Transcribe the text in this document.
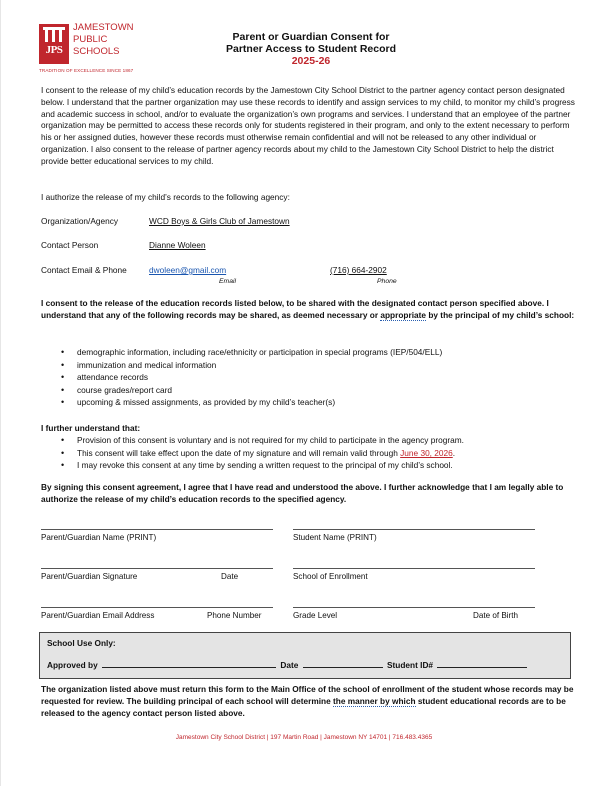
JPS
JAMESTOWN
PUBLIC
SCHOOLS
TRADITION OF EXCELLENCE SINCE 1867
Parent or Guardian Consent for
Partner Access to Student Record
2025-26
I consent to the release of my child’s education records by the Jamestown City School District to the partner agency contact person designated below. I understand that the partner organization may use these records to identify and assign services to my child, to monitor my child’s progress and academic success in school, and/or to evaluate the organization’s own programs and services. I understand that an employee of the partner organization may be permitted to access these records only for students registered in their program, and only to the extent necessary to perform his or her assigned duties, however these records must otherwise remain confidential and will not be released to any other individual or organization. I also consent to the release of partner agency records about my child to the Jamestown City School District to help the district provide better educational services to my child.
I authorize the release of my child’s records to the following agency:
Organization/Agency	WCD Boys & Girls Club of Jamestown
Contact Person	Dianne Woleen
Contact Email & Phone	dwoleen@gmail.com	(716) 664-2902
Email	Phone
I consent to the release of the education records listed below, to be shared with the designated contact person specified above. I understand that any of the following records may be shared, as deemed necessary or appropriate by the principal of my child’s school:
• demographic information, including race/ethnicity or participation in special programs (IEP/504/ELL)
• immunization and medical information
• attendance records
• course grades/report card
• upcoming & missed assignments, as provided by my child’s teacher(s)
I further understand that:
• Provision of this consent is voluntary and is not required for my child to participate in the agency program.
• This consent will take effect upon the date of my signature and will remain valid through June 30, 2026.
• I may revoke this consent at any time by sending a written request to the principal of my child’s school.
By signing this consent agreement, I agree that I have read and understood the above. I further acknowledge that I am legally able to authorize the release of my child’s education records to the specified agency.
Parent/Guardian Name (PRINT)	Student Name (PRINT)
Parent/Guardian Signature	Date	School of Enrollment
Parent/Guardian Email Address	Phone Number	Grade Level	Date of Birth
School Use Only:
Approved by	Date	Student ID#
The organization listed above must return this form to the Main Office of the school of enrollment of the student whose records may be requested for review. The building principal of each school will determine the manner by which student educational records are to be released to the agency contact person listed above.
Jamestown City School District | 197 Martin Road | Jamestown NY 14701 | 716.483.4365
